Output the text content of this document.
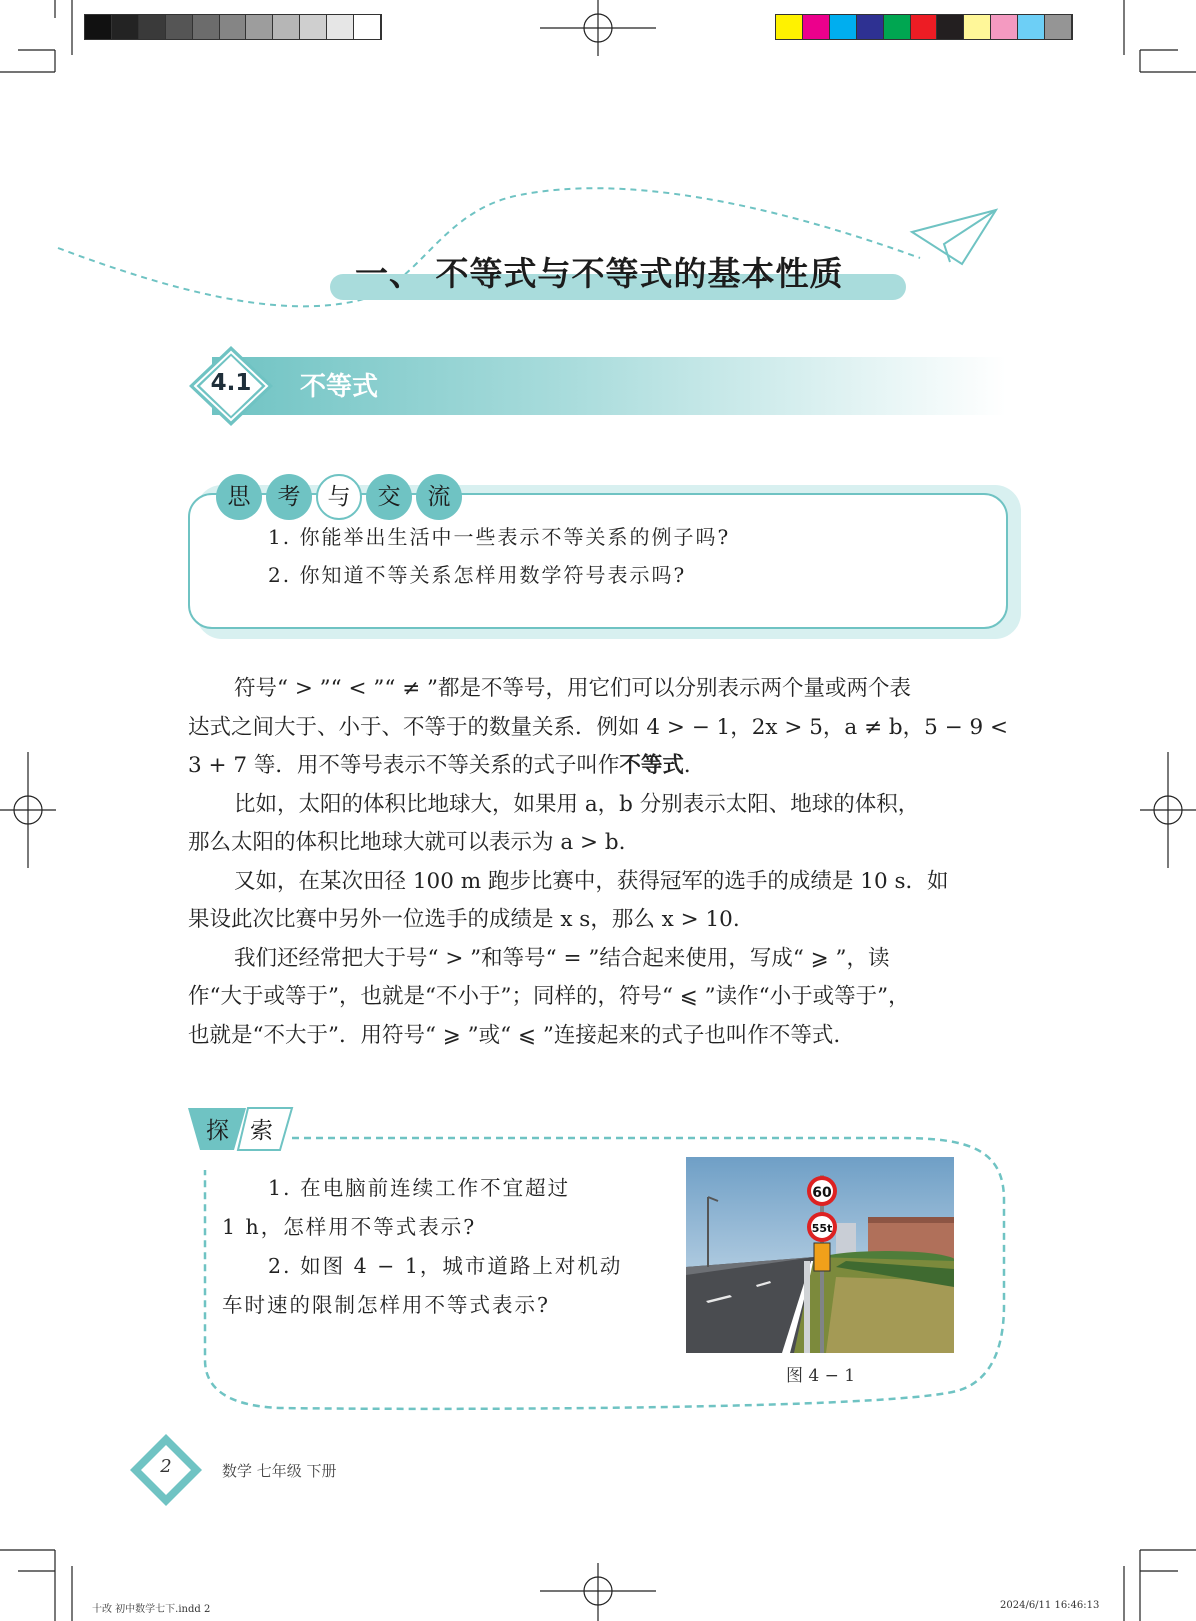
一、 不等式与不等式的基本性质
4.1 不等式
1. 你能举出生活中一些表示不等关系的例子吗?
2. 你知道不等关系怎样用数学符号表示吗?
思	考	与	交	流

符号“ > ”“ < ”“ ≠ ”都是不等号，用它们可以分别表示两个量或两个表

达式之间大于、小于、不等于的数量关系．例如 4 > − 1，2x > 5，a ≠ b，5 − 9 <

3 + 7 等．用不等号表示不等关系的式子叫作不等式．

比如，太阳的体积比地球大，如果用 a，b 分别表示太阳、地球的体积，

那么太阳的体积比地球大就可以表示为 a > b.

又如，在某次田径 100 m 跑步比赛中，获得冠军的选手的成绩是 10 s．如

果设此次比赛中另外一位选手的成绩是 x s，那么 x > 10.

我们还经常把大于号“ > ”和等号“ = ”结合起来使用，写成“ ⩾ ”，读

作“大于或等于”，也就是“不小于”；同样的，符号“ ⩽ ”读作“小于或等于”，

也就是“不大于”．用符号“ ⩾ ”或“ ⩽ ”连接起来的式子也叫作不等式.

探 索
1. 在电脑前连续工作不宜超过
1 h，怎样用不等式表示?
2. 如图 4 − 1，城市道路上对机动
车时速的限制怎样用不等式表示?
60
55t
图 4 − 1
2	数学 七年级 下册
十改 初中数学七下.indd 2	2024/6/11 16:46:13
